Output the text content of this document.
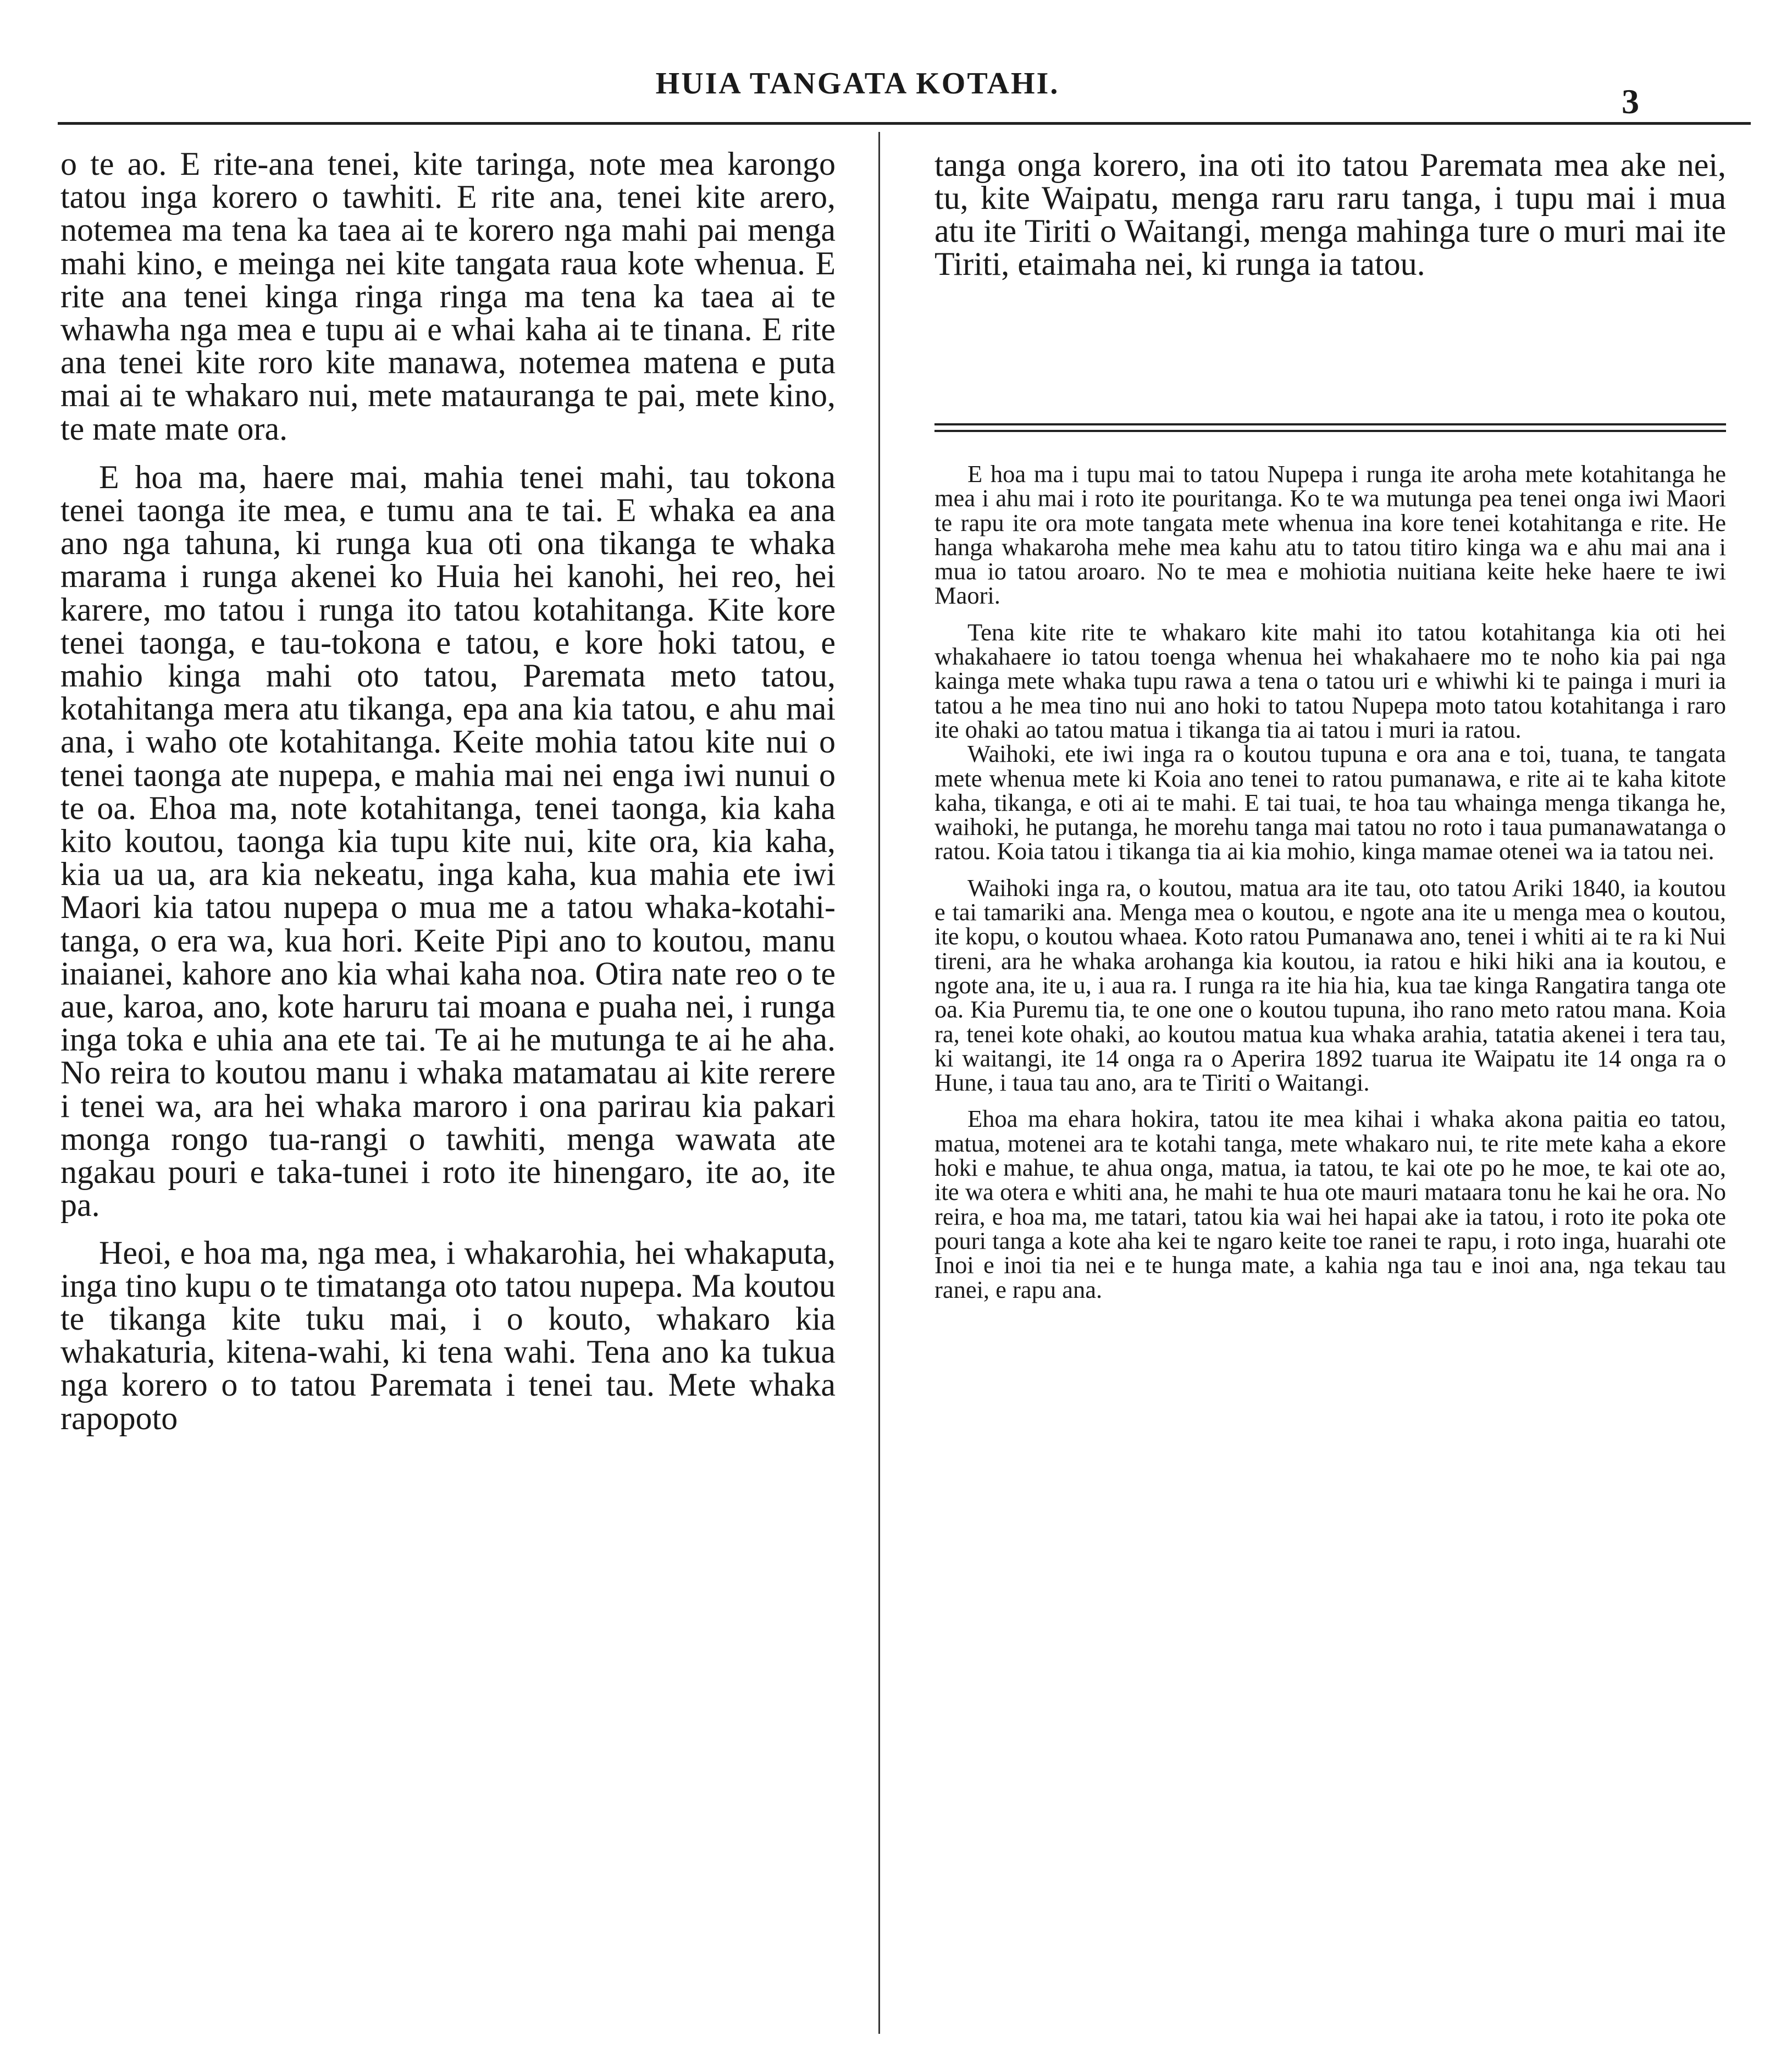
HUIA TANGATA KOTAHI.	3

o te ao. E rite-ana tenei, kite taringa, note mea karongo tatou inga korero o tawhiti. E rite ana, tenei kite arero, notemea ma tena ka taea ai te korero nga mahi pai menga mahi kino, e meinga nei kite tangata raua kote whenua. E rite ana tenei kinga ringa ringa ma tena ka taea ai te whawha nga mea e tupu ai e whai kaha ai te tinana. E rite ana tenei kite roro kite manawa, notemea matena e puta mai ai te whakaro nui, mete matauranga te pai, mete kino, te mate mate ora.

E hoa ma, haere mai, mahia tenei mahi, tau tokona tenei taonga ite mea, e tumu ana te tai. E whaka ea ana ano nga tahuna, ki runga kua oti ona tikanga te whaka marama i runga akenei ko Huia hei kanohi, hei reo, hei karere, mo tatou i runga ito tatou kotahitanga. Kite kore tenei taonga, e tau-tokona e tatou, e kore hoki tatou, e mahio kinga mahi oto tatou, Paremata meto tatou, kotahitanga mera atu tikanga, epa ana kia tatou, e ahu mai ana, i waho ote kotahitanga. Keite mohia tatou kite nui o tenei taonga ate nupepa, e mahia mai nei enga iwi nunui o te oa. Ehoa ma, note kotahitanga, tenei taonga, kia kaha kito koutou, taonga kia tupu kite nui, kite ora, kia kaha, kia ua ua, ara kia nekeatu, inga kaha, kua mahia ete iwi Maori kia tatou nupepa o mua me a tatou whaka-kotahi-tanga, o era wa, kua hori. Keite Pipi ano to koutou, manu inaianei, kahore ano kia whai kaha noa. Otira nate reo o te aue, karoa, ano, kote haruru tai moana e puaha nei, i runga inga toka e uhia ana ete tai. Te ai he mutunga te ai he aha. No reira to koutou manu i whaka matamatau ai kite rerere i tenei wa, ara hei whaka maroro i ona parirau kia pakari monga rongo tua-rangi o tawhiti, menga wawata ate ngakau pouri e taka-tunei i roto ite hinengaro, ite ao, ite pa.

Heoi, e hoa ma, nga mea, i whakarohia, hei whakaputa, inga tino kupu o te timatanga oto tatou nupepa. Ma koutou te tikanga kite tuku mai, i o kouto, whakaro kia whakaturia, kitena-wahi, ki tena wahi. Tena ano ka tukua nga korero o to tatou Paremata i tenei tau. Mete whaka rapopoto

tanga onga korero, ina oti ito tatou Paremata mea ake nei, tu, kite Waipatu, menga raru raru tanga, i tupu mai i mua atu ite Tiriti o Waitangi, menga mahinga ture o muri mai ite Tiriti, etaimaha nei, ki runga ia tatou.

E hoa ma i tupu mai to tatou Nupepa i runga ite aroha mete kotahitanga he mea i ahu mai i roto ite pouritanga. Ko te wa mutunga pea tenei onga iwi Maori te rapu ite ora mote tangata mete whenua ina kore tenei kotahitanga e rite. He hanga whakaroha mehe mea kahu atu to tatou titiro kinga wa e ahu mai ana i mua io tatou aroaro. No te mea e mohiotia nuitiana keite heke haere te iwi Maori.

Tena kite rite te whakaro kite mahi ito tatou kotahitanga kia oti hei whakahaere io tatou toenga whenua hei whakahaere mo te noho kia pai nga kainga mete whaka tupu rawa a tena o tatou uri e whiwhi ki te painga i muri ia tatou a he mea tino nui ano hoki to tatou Nupepa moto tatou kotahitanga i raro ite ohaki ao tatou matua i tikanga tia ai tatou i muri ia ratou.

Waihoki, ete iwi inga ra o koutou tupuna e ora ana e toi, tuana, te tangata mete whenua mete ki Koia ano tenei to ratou pumanawa, e rite ai te kaha kitote kaha, tikanga, e oti ai te mahi. E tai tuai, te hoa tau whainga menga tikanga he, waihoki, he putanga, he morehu tanga mai tatou no roto i taua pumanawatanga o ratou. Koia tatou i tikanga tia ai kia mohio, kinga mamae otenei wa ia tatou nei.

Waihoki inga ra, o koutou, matua ara ite tau, oto tatou Ariki 1840, ia koutou e tai tamariki ana. Menga mea o koutou, e ngote ana ite u menga mea o koutou, ite kopu, o koutou whaea. Koto ratou Pumanawa ano, tenei i whiti ai te ra ki Nui tireni, ara he whaka arohanga kia koutou, ia ratou e hiki hiki ana ia koutou, e ngote ana, ite u, i aua ra. I runga ra ite hia hia, kua tae kinga Rangatira tanga ote oa. Kia Puremu tia, te one one o koutou tupuna, iho rano meto ratou mana. Koia ra, tenei kote ohaki, ao koutou matua kua whaka arahia, tatatia akenei i tera tau, ki waitangi, ite 14 onga ra o Aperira 1892 tuarua ite Waipatu ite 14 onga ra o Hune, i taua tau ano, ara te Tiriti o Waitangi.

Ehoa ma ehara hokira, tatou ite mea kihai i whaka akona paitia eo tatou, matua, motenei ara te kotahi tanga, mete whakaro nui, te rite mete kaha a ekore hoki e mahue, te ahua onga, matua, ia tatou, te kai ote po he moe, te kai ote ao, ite wa otera e whiti ana, he mahi te hua ote mauri mataara tonu he kai he ora. No reira, e hoa ma, me tatari, tatou kia wai hei hapai ake ia tatou, i roto ite poka ote pouri tanga a kote aha kei te ngaro keite toe ranei te rapu, i roto inga, huarahi ote Inoi e inoi tia nei e te hunga mate, a kahia nga tau e inoi ana, nga tekau tau ranei, e rapu ana.
